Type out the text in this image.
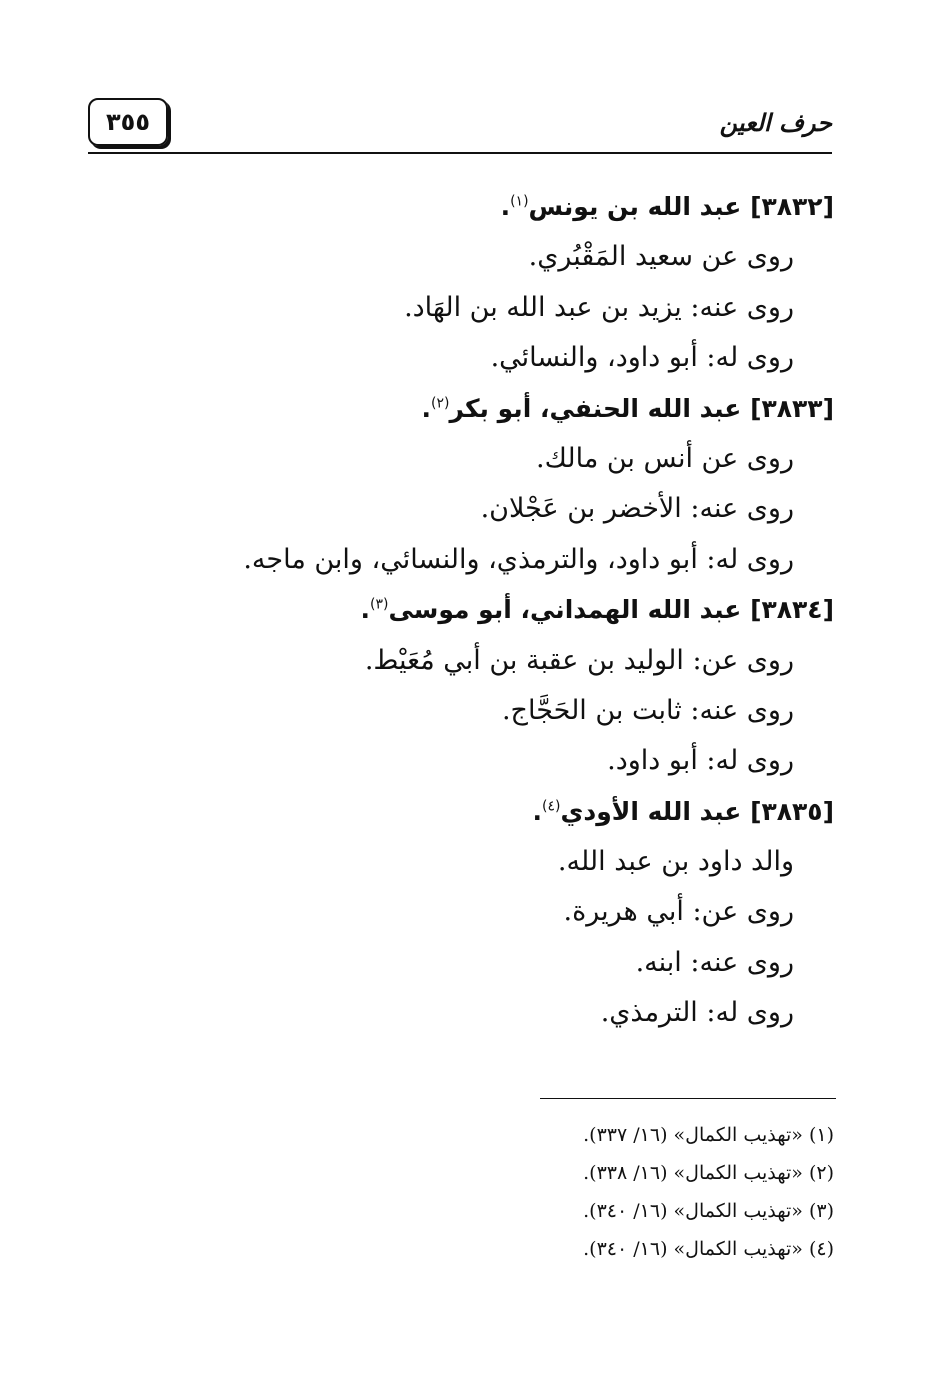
٣٥٥	حرف العين
[٣٨٣٢] عبد الله بن يونس$^{(١)}$.
روى عن سعيد المَقْبُري.
روى عنه: يزيد بن عبد الله بن الهَاد.
روى له: أبو داود، والنسائي.
[٣٨٣٣] عبد الله الحنفي، أبو بكر$^{(٢)}$.
روى عن أنس بن مالك.
روى عنه: الأخضر بن عَجْلان.
روى له: أبو داود، والترمذي، والنسائي، وابن ماجه.
[٣٨٣٤] عبد الله الهمداني، أبو موسى$^{(٣)}$.
روى عن: الوليد بن عقبة بن أبي مُعَيْط.
روى عنه: ثابت بن الحَجَّاج.
روى له: أبو داود.
[٣٨٣٥] عبد الله الأودي$^{(٤)}$.
والد داود بن عبد الله.
روى عن: أبي هريرة.
روى عنه: ابنه.
روى له: الترمذي.
(١) «تهذيب الكمال» (١٦/ ٣٣٧).
(٢) «تهذيب الكمال» (١٦/ ٣٣٨).
(٣) «تهذيب الكمال» (١٦/ ٣٤٠).
(٤) «تهذيب الكمال» (١٦/ ٣٤٠).
